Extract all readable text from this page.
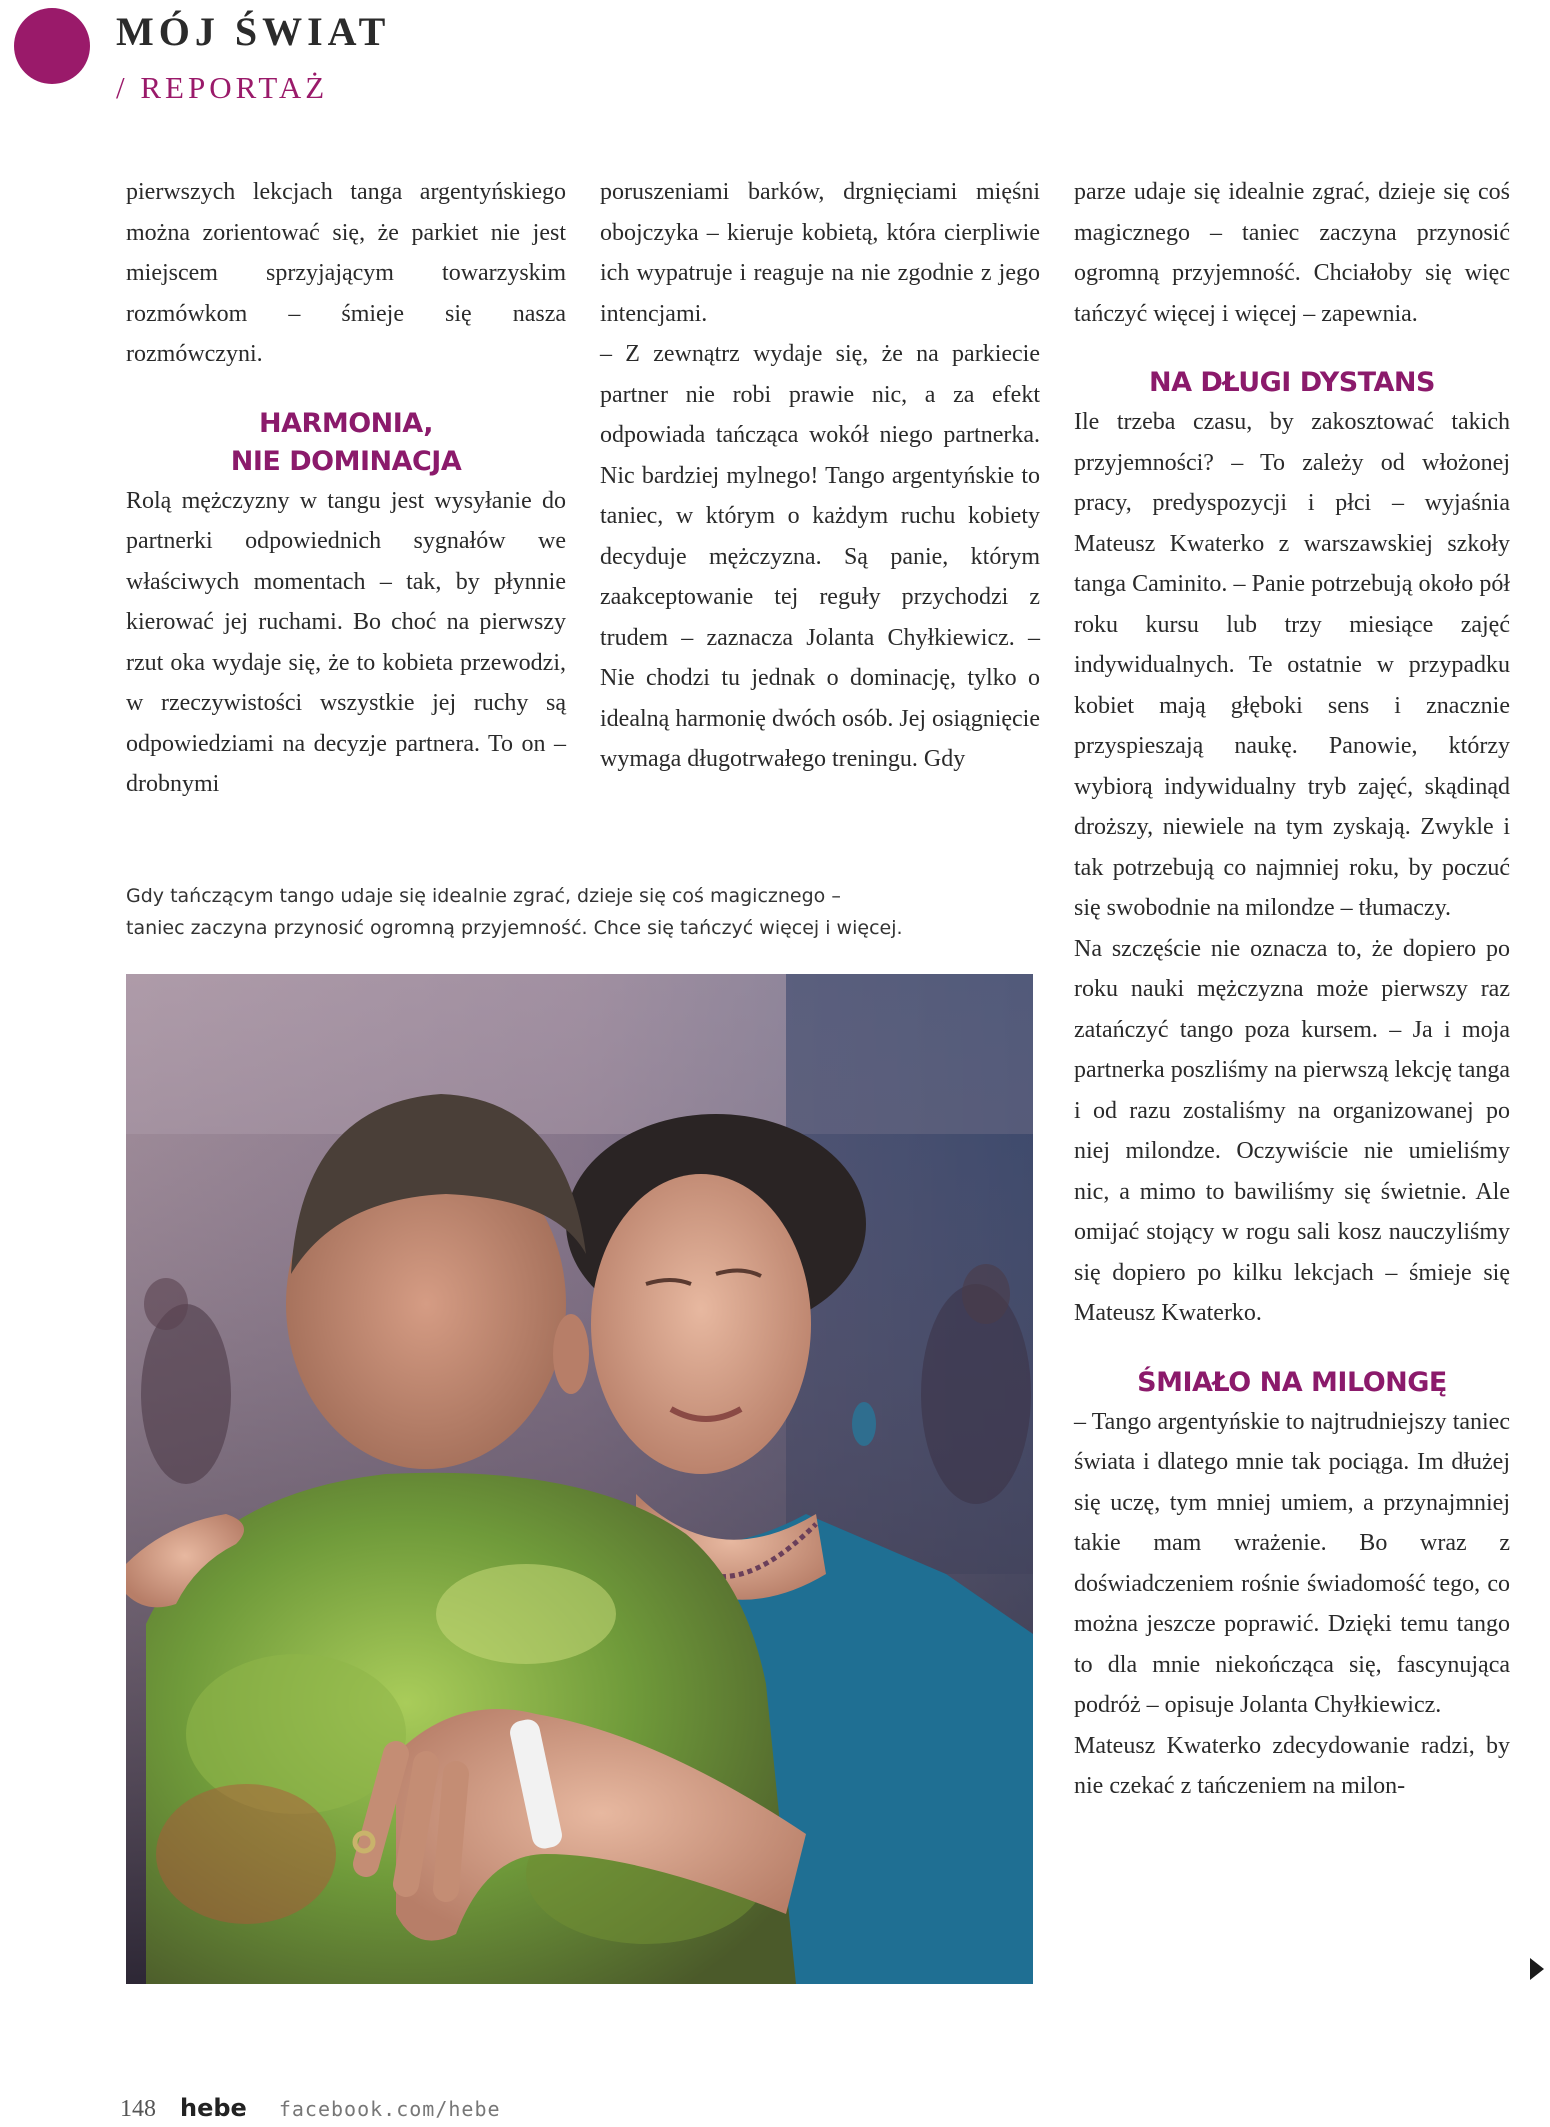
MÓJ ŚWIAT
/ REPORTAŻ

pierwszych lekcjach tanga argentyńskiego można zorientować się, że parkiet nie jest miejscem sprzyjającym towarzyskim rozmówkom – śmieje się nasza rozmówczyni.

HARMONIA,
NIE DOMINACJA

Rolą mężczyzny w tangu jest wysyłanie do partnerki odpowiednich sygnałów we właściwych momentach – tak, by płynnie kierować jej ruchami. Bo choć na pierwszy rzut oka wydaje się, że to kobieta przewodzi, w rzeczywistości wszystkie jej ruchy są odpowiedziami na decyzje partnera. To on – drobnymi

poruszeniami barków, drgnięciami mięśni obojczyka – kieruje kobietą, która cierpliwie ich wypatruje i reaguje na nie zgodnie z jego intencjami.

– Z zewnątrz wydaje się, że na parkiecie partner nie robi prawie nic, a za efekt odpowiada tańcząca wokół niego partnerka. Nic bardziej mylnego! Tango argentyńskie to taniec, w którym o każdym ruchu kobiety decyduje mężczyzna. Są panie, którym zaakceptowanie tej reguły przychodzi z trudem – zaznacza Jolanta Chyłkiewicz. – Nie chodzi tu jednak o dominację, tylko o idealną harmonię dwóch osób. Jej osiągnięcie wymaga długotrwałego treningu. Gdy

parze udaje się idealnie zgrać, dzieje się coś magicznego – taniec zaczyna przynosić ogromną przyjemność. Chciałoby się więc tańczyć więcej i więcej – zapewnia.

NA DŁUGI DYSTANS

Ile trzeba czasu, by zakosztować takich przyjemności? – To zależy od włożonej pracy, predyspozycji i płci – wyjaśnia Mateusz Kwaterko z warszawskiej szkoły tanga Caminito. – Panie potrzebują około pół roku kursu lub trzy miesiące zajęć indywidualnych. Te ostatnie w przypadku kobiet mają głęboki sens i znacznie przyspieszają naukę. Panowie, którzy wybiorą indywidualny tryb zajęć, skądinąd droższy, niewiele na tym zyskają. Zwykle i tak potrzebują co najmniej roku, by poczuć się swobodnie na milondze – tłumaczy.

Na szczęście nie oznacza to, że dopiero po roku nauki mężczyzna może pierwszy raz zatańczyć tango poza kursem. – Ja i moja partnerka poszliśmy na pierwszą lekcję tanga i od razu zostaliśmy na organizowanej po niej milondze. Oczywiście nie umieliśmy nic, a mimo to bawiliśmy się świetnie. Ale omijać stojący w rogu sali kosz nauczyliśmy się dopiero po kilku lekcjach – śmieje się Mateusz Kwaterko.

ŚMIAŁO NA MILONGĘ

– Tango argentyńskie to najtrudniejszy taniec świata i dlatego mnie tak pociąga. Im dłużej się uczę, tym mniej umiem, a przynajmniej takie mam wrażenie. Bo wraz z doświadczeniem rośnie świadomość tego, co można jeszcze poprawić. Dzięki temu tango to dla mnie niekończąca się, fascynująca podróż – opisuje Jolanta Chyłkiewicz.

Mateusz Kwaterko zdecydowanie radzi, by nie czekać z tańczeniem na milon-

Gdy tańczącym tango udaje się idealnie zgrać, dzieje się coś magicznego –
taniec zaczyna przynosić ogromną przyjemność. Chce się tańczyć więcej i więcej.
148 hebe facebook.com/hebe
